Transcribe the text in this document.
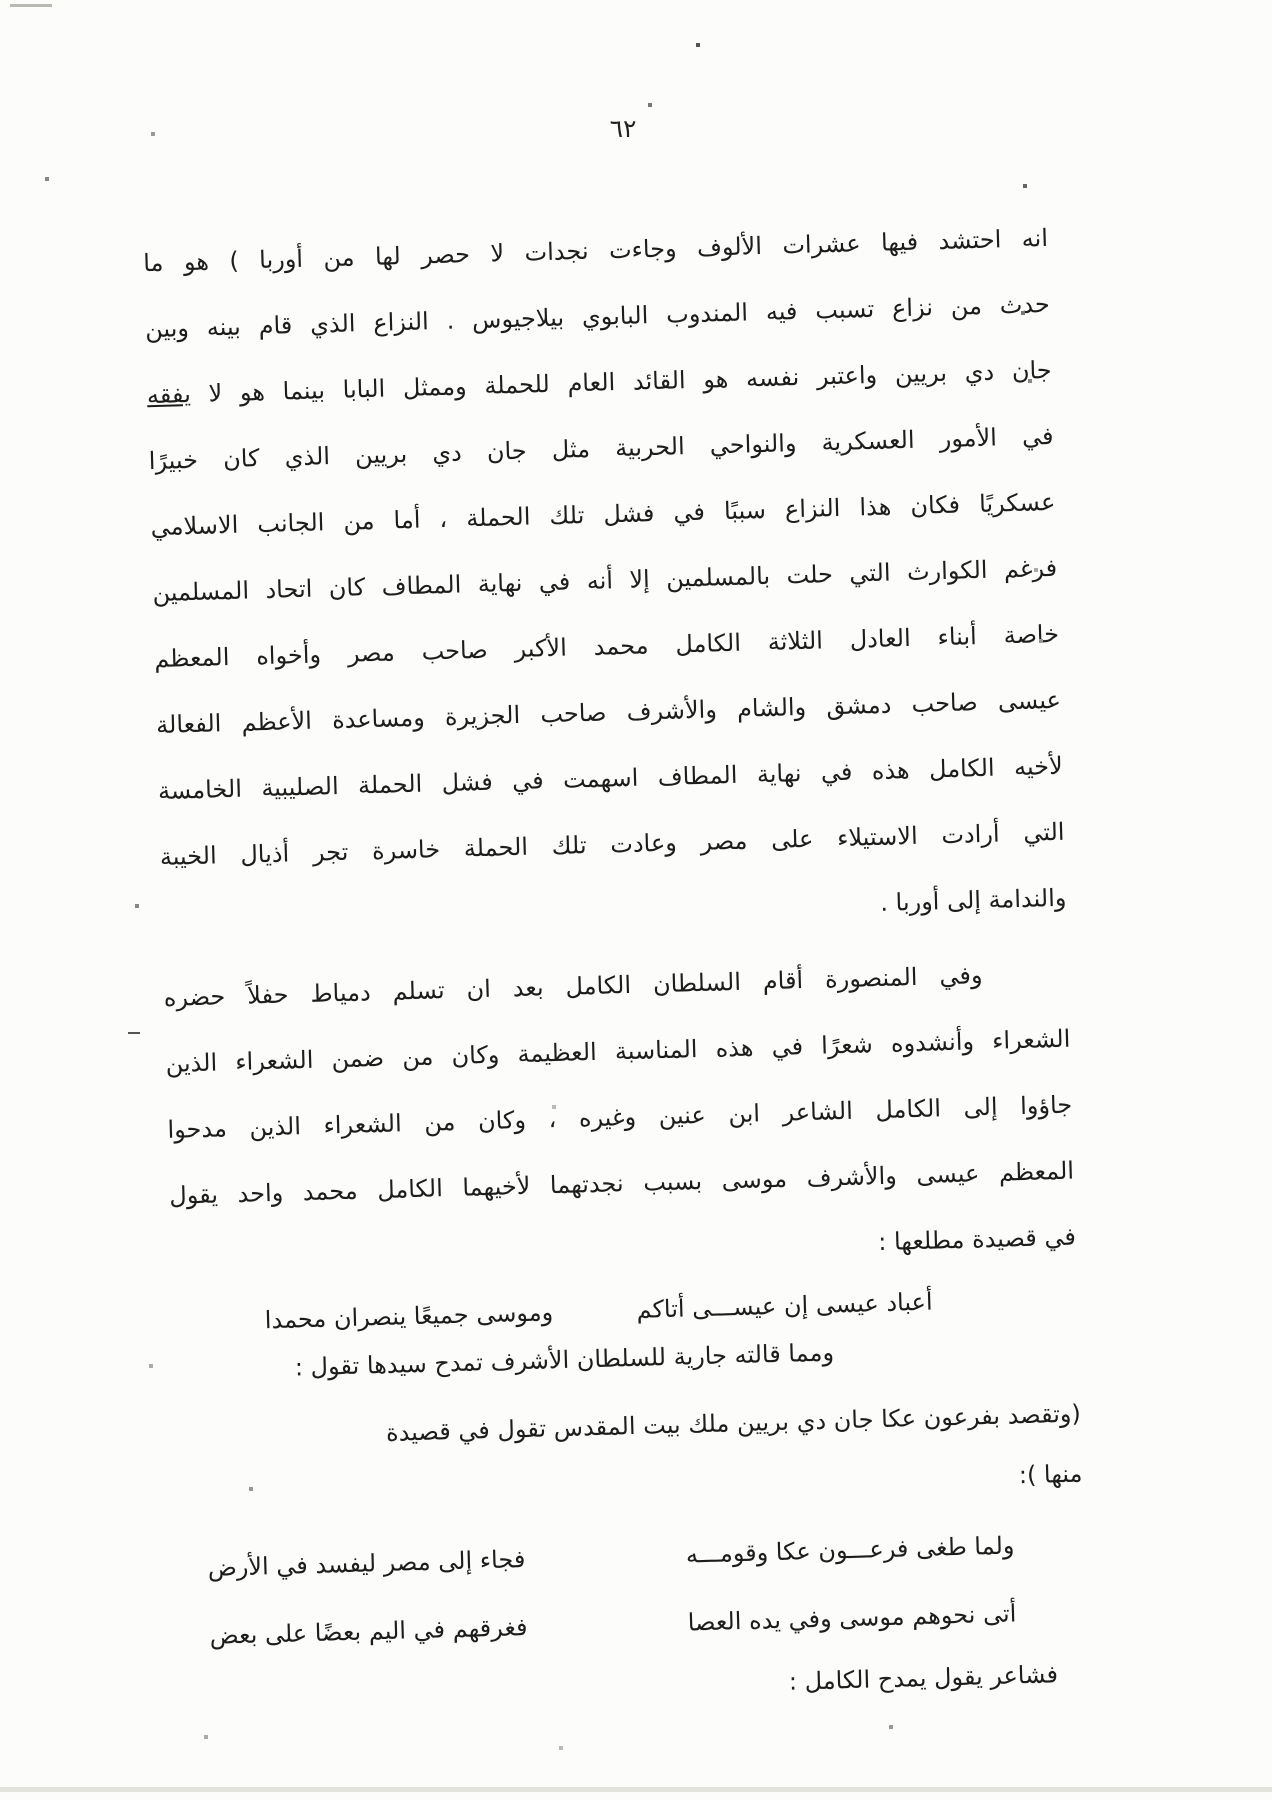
٦٢
انه احتشد فيها عشرات الألوف وجاءت نجدات لا حصر لها من أوربا ) هو ما
حدث من نزاع تسبب فيه المندوب البابوي بيلاجيوس . النزاع الذي قام بينه وبين
جان دي بريين واعتبر نفسه هو القائد العام للحملة وممثل البابا بينما هو لا يفقه
في الأمور العسكرية والنواحي الحربية مثل جان دي بريين الذي كان خبيرًا
عسكريًا فكان هذا النزاع سببًا في فشل تلك الحملة ، أما من الجانب الاسلامي
فرغم الكوارث التي حلت بالمسلمين إلا أنه في نهاية المطاف كان اتحاد المسلمين
خاصة أبناء العادل الثلاثة الكامل محمد الأكبر صاحب مصر وأخواه المعظم
عيسى صاحب دمشق والشام والأشرف صاحب الجزيرة ومساعدة الأعظم الفعالة
لأخيه الكامل هذه في نهاية المطاف اسهمت في فشل الحملة الصليبية الخامسة
التي أرادت الاستيلاء على مصر وعادت تلك الحملة خاسرة تجر أذيال الخيبة
والندامة إلى أوربا .
وفي المنصورة أقام السلطان الكامل بعد ان تسلم دمياط حفلاً حضره
الشعراء وأنشدوه شعرًا في هذه المناسبة العظيمة وكان من ضمن الشعراء الذين
جاؤوا إلى الكامل الشاعر ابن عنين وغيره ، وكان من الشعراء الذين مدحوا
المعظم عيسى والأشرف موسى بسبب نجدتهما لأخيهما الكامل محمد واحد يقول
في قصيدة مطلعها :
أعباد عيسى إن عيســـى أتاكم
وموسى جميعًا ينصران محمدا
ومما قالته جارية للسلطان الأشرف تمدح سيدها تقول :
(وتقصد بفرعون عكا جان دي بريين ملك بيت المقدس تقول في قصيدة
منها ):
ولما طغى فرعـــون عكا وقومـــه
فجاء إلى مصر ليفسد في الأرض
أتى نحوهم موسى وفي يده العصا
فغرقهم في اليم بعضًا على بعض
فشاعر يقول يمدح الكامل :
